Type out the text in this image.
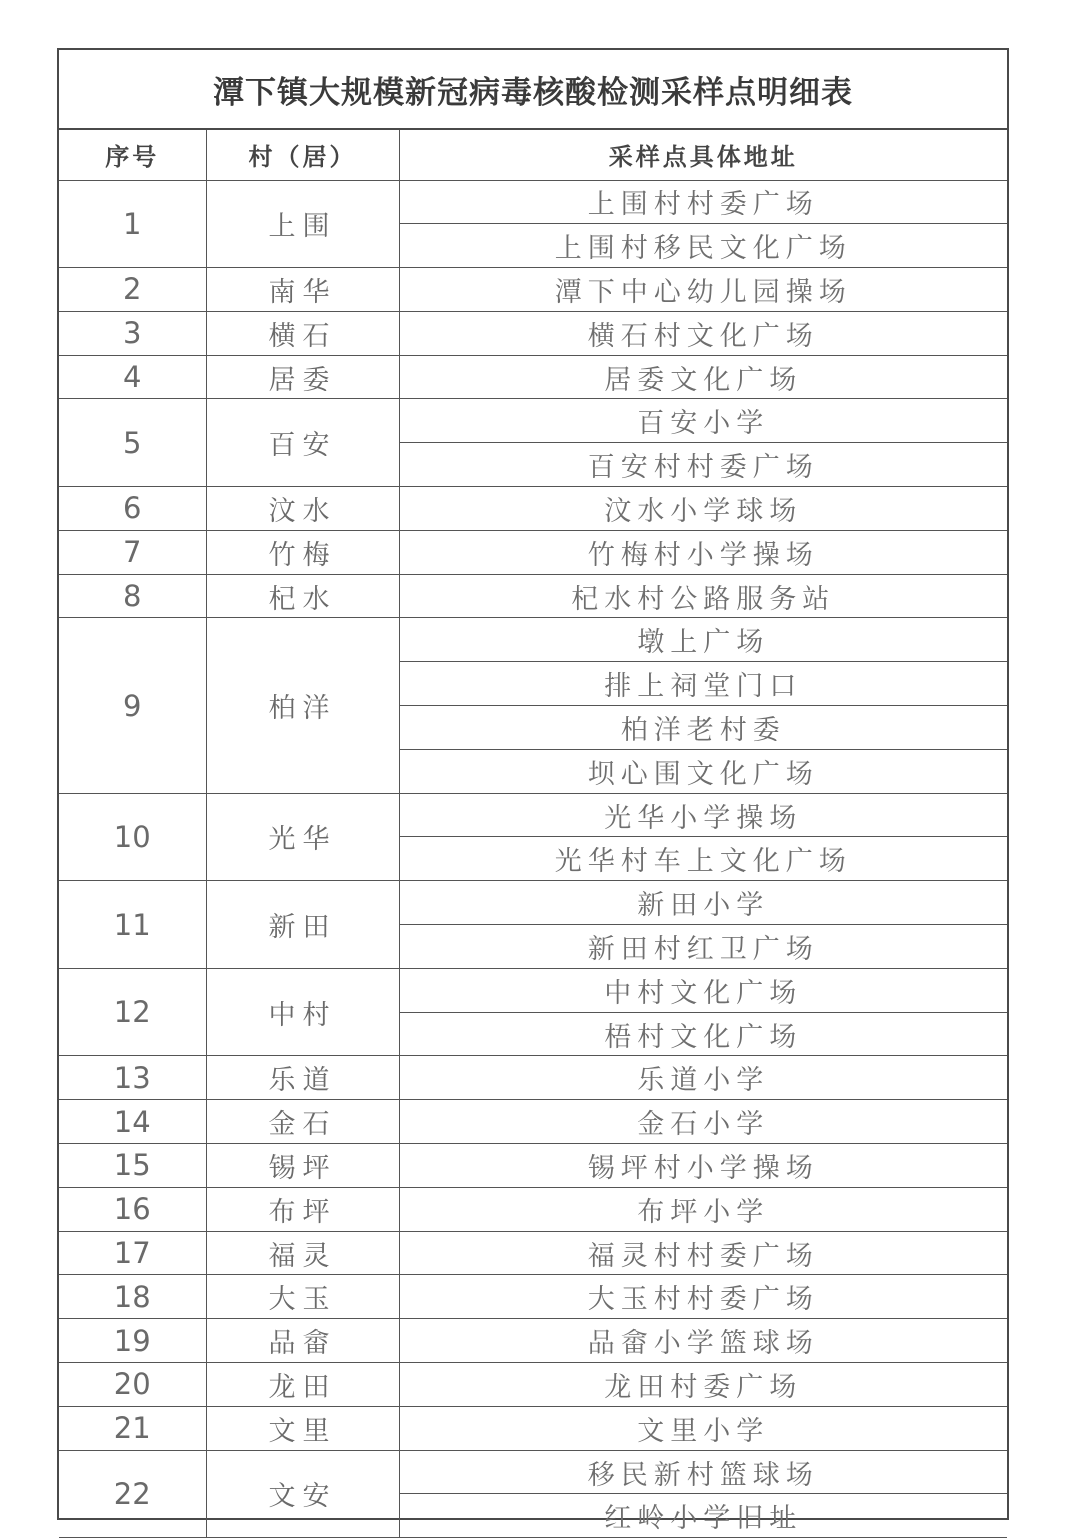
潭下镇大规模新冠病毒核酸检测采样点明细表
序号	村（居）	采样点具体地址
1	上围	上围村村委广场
		上围村移民文化广场
2	南华	潭下中心幼儿园操场
3	横石	横石村文化广场
4	居委	居委文化广场
5	百安	百安小学
		百安村村委广场
6	汶水	汶水小学球场
7	竹梅	竹梅村小学操场
8	杞水	杞水村公路服务站
9	柏洋	墩上广场
		排上祠堂门口
		柏洋老村委
		坝心围文化广场
10	光华	光华小学操场
		光华村车上文化广场
11	新田	新田小学
		新田村红卫广场
12	中村	中村文化广场
		梧村文化广场
13	乐道	乐道小学
14	金石	金石小学
15	锡坪	锡坪村小学操场
16	布坪	布坪小学
17	福灵	福灵村村委广场
18	大玉	大玉村村委广场
19	品畲	品畲小学篮球场
20	龙田	龙田村委广场
21	文里	文里小学
22	文安	移民新村篮球场
		红岭小学旧址
